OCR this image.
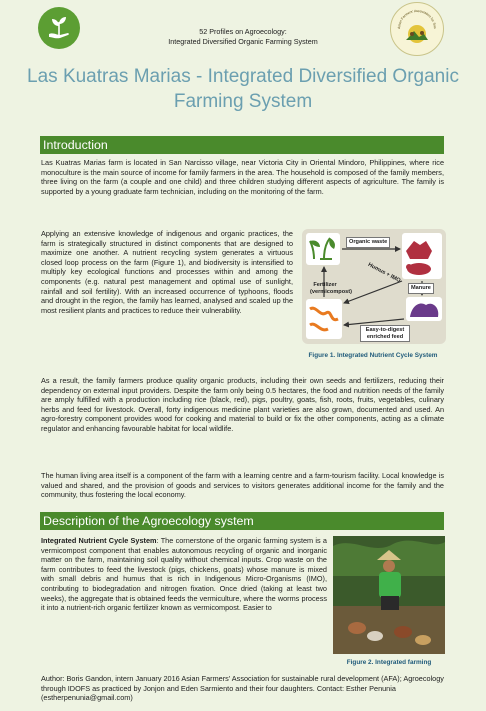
52 Profiles on Agroecology:
Integrated Diversified Organic Farming System
Asian Farmers' Association for Sus
Las Kuatras Marias - Integrated Diversified Organic Farming System
Introduction
Las Kuatras Marias farm is located in San Narcisso village, near Victoria City in Oriental Mindoro, Philippines, where rice monoculture is the main source of income for family farmers in the area. The household is composed of the family members, three living on the farm (a couple and one child) and three children studying different aspects of agriculture. The family is supported by a young graduate farm technician, including on the monitoring of the farm.
Applying an extensive knowledge of indigenous and organic practices, the farm is strategically structured in distinct components that are designed to maximize one another. A nutrient recycling system generates a virtuous closed loop process on the farm (Figure 1), and biodiversity is intensified to multiply key ecological functions and processes within and among the components (e.g. natural pest management and optimal use of sunlight, rainfall and soil fertility). With an increased occurrence of typhoons, floods and drought in the region, the family has learned, analysed and scaled up the most resilient plants and practices to reduce their vulnerability.
Organic waste
Humus + IMO
Manure
Fertilizer (vermicompost)
Easy-to-digest enriched feed
Figure 1. Integrated Nutrient Cycle System
As a result, the family farmers produce quality organic products, including their own seeds and fertilizers, reducing their dependency on external input providers. Despite the farm only being 0.5 hectares, the food and nutrition needs of the family are amply fulfilled with a production including rice (black, red), pigs, poultry, goats, fish, roots, fruits, vegetables, culinary herbs and feed for livestock. Overall, forty indigenous medicine plant varieties are also grown, documented and used. An agro-forestry component provides wood for cooking and material to build or fix the other components, acting as a climate regulator and enhancing favourable habitat for local wildlife.
The human living area itself is a component of the farm with a learning centre and a farm-tourism facility. Local knowledge is valued and shared, and the provision of goods and services to visitors generates additional income for the family and the community, thus fostering the local economy.
Description of the Agroecology system
Integrated Nutrient Cycle System: The cornerstone of the organic farming system is a vermicompost component that enables autonomous recycling of organic and inorganic matter on the farm, maintaining soil quality without chemical inputs. Crop waste on the farm contributes to feed the livestock (pigs, chickens, goats) whose manure is mixed with small debris and humus that is rich in Indigenous Micro-Organisms (IMO), contributing to biodegradation and nitrogen fixation. Once dried (taking at least two weeks), the aggregate that is obtained feeds the vermiculture, where the worms process it into a nutrient-rich organic fertilizer known as vermicompost. Easier to
Figure 2. Integrated farming
Author: Boris Gandon, intern January 2016 Asian Farmers' Association for sustainable rural development (AFA); Agroecology through IDOFS as practiced by Jonjon and Eden Sarmiento and their four daughters. Contact: Esther Penunia (estherpenunia@gmail.com)
